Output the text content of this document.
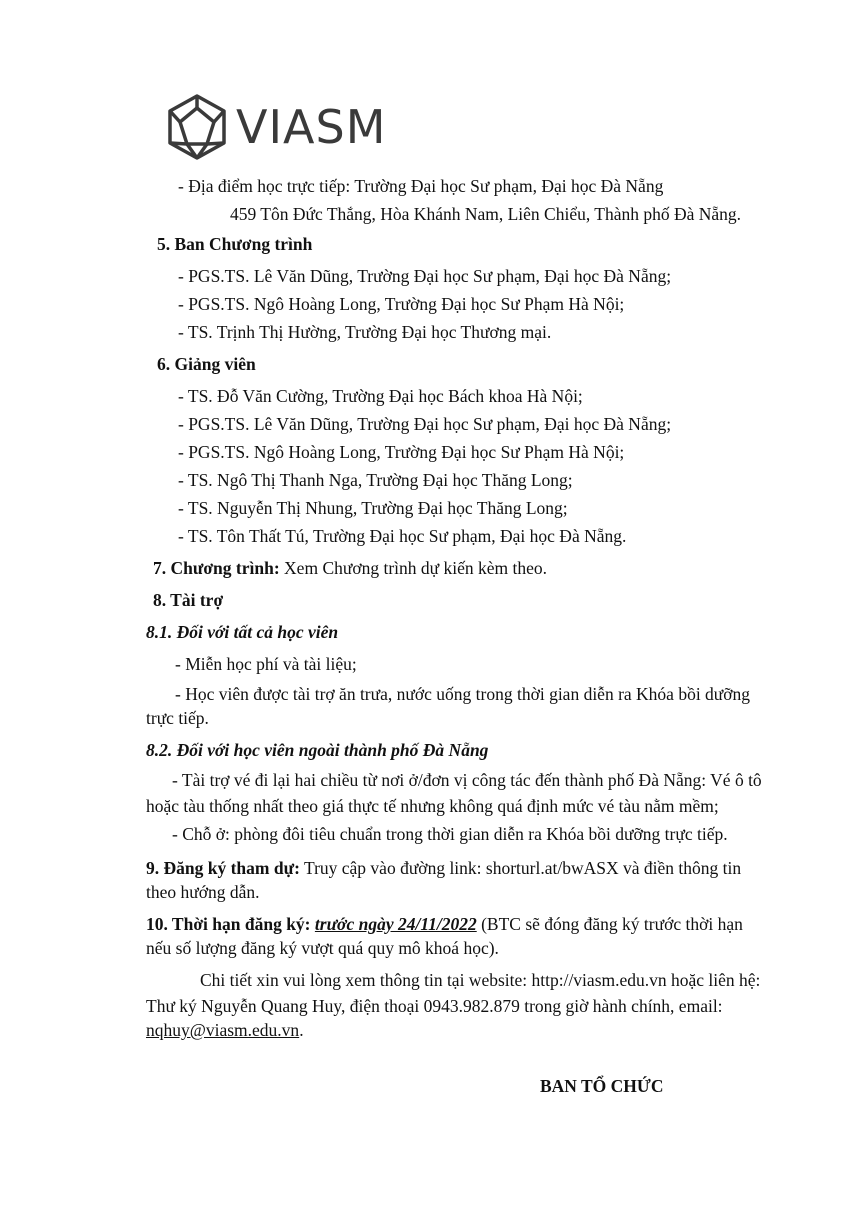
VIASM
- Địa điểm học trực tiếp: Trường Đại học Sư phạm, Đại học Đà Nẵng
459 Tôn Đức Thắng, Hòa Khánh Nam, Liên Chiểu, Thành phố Đà Nẵng.
5. Ban Chương trình
- PGS.TS. Lê Văn Dũng, Trường Đại học Sư phạm, Đại học Đà Nẵng;
- PGS.TS. Ngô Hoàng Long, Trường Đại học Sư Phạm Hà Nội;
- TS. Trịnh Thị Hường, Trường Đại học Thương mại.
6. Giảng viên
- TS. Đỗ Văn Cường, Trường Đại học Bách khoa Hà Nội;
- PGS.TS. Lê Văn Dũng, Trường Đại học Sư phạm, Đại học Đà Nẵng;
- PGS.TS. Ngô Hoàng Long, Trường Đại học Sư Phạm Hà Nội;
- TS. Ngô Thị Thanh Nga, Trường Đại học Thăng Long;
- TS. Nguyễn Thị Nhung, Trường Đại học Thăng Long;
- TS. Tôn Thất Tú, Trường Đại học Sư phạm, Đại học Đà Nẵng.
7. Chương trình: Xem Chương trình dự kiến kèm theo.
8. Tài trợ
8.1. Đối với tất cả học viên
- Miễn học phí và tài liệu;
- Học viên được tài trợ ăn trưa, nước uống trong thời gian diễn ra Khóa bồi dưỡng
trực tiếp.
8.2. Đối với học viên ngoài thành phố Đà Nẵng
- Tài trợ vé đi lại hai chiều từ nơi ở/đơn vị công tác đến thành phố Đà Nẵng: Vé ô tô
hoặc tàu thống nhất theo giá thực tế nhưng không quá định mức vé tàu nằm mềm;
- Chỗ ở: phòng đôi tiêu chuẩn trong thời gian diễn ra Khóa bồi dưỡng trực tiếp.
9. Đăng ký tham dự: Truy cập vào đường link: shorturl.at/bwASX và điền thông tin
theo hướng dẫn.
10. Thời hạn đăng ký: trước ngày 24/11/2022 (BTC sẽ đóng đăng ký trước thời hạn
nếu số lượng đăng ký vượt quá quy mô khoá học).
Chi tiết xin vui lòng xem thông tin tại website: http://viasm.edu.vn hoặc liên hệ:
Thư ký Nguyễn Quang Huy, điện thoại 0943.982.879 trong giờ hành chính, email:
nqhuy@viasm.edu.vn.
BAN TỔ CHỨC
